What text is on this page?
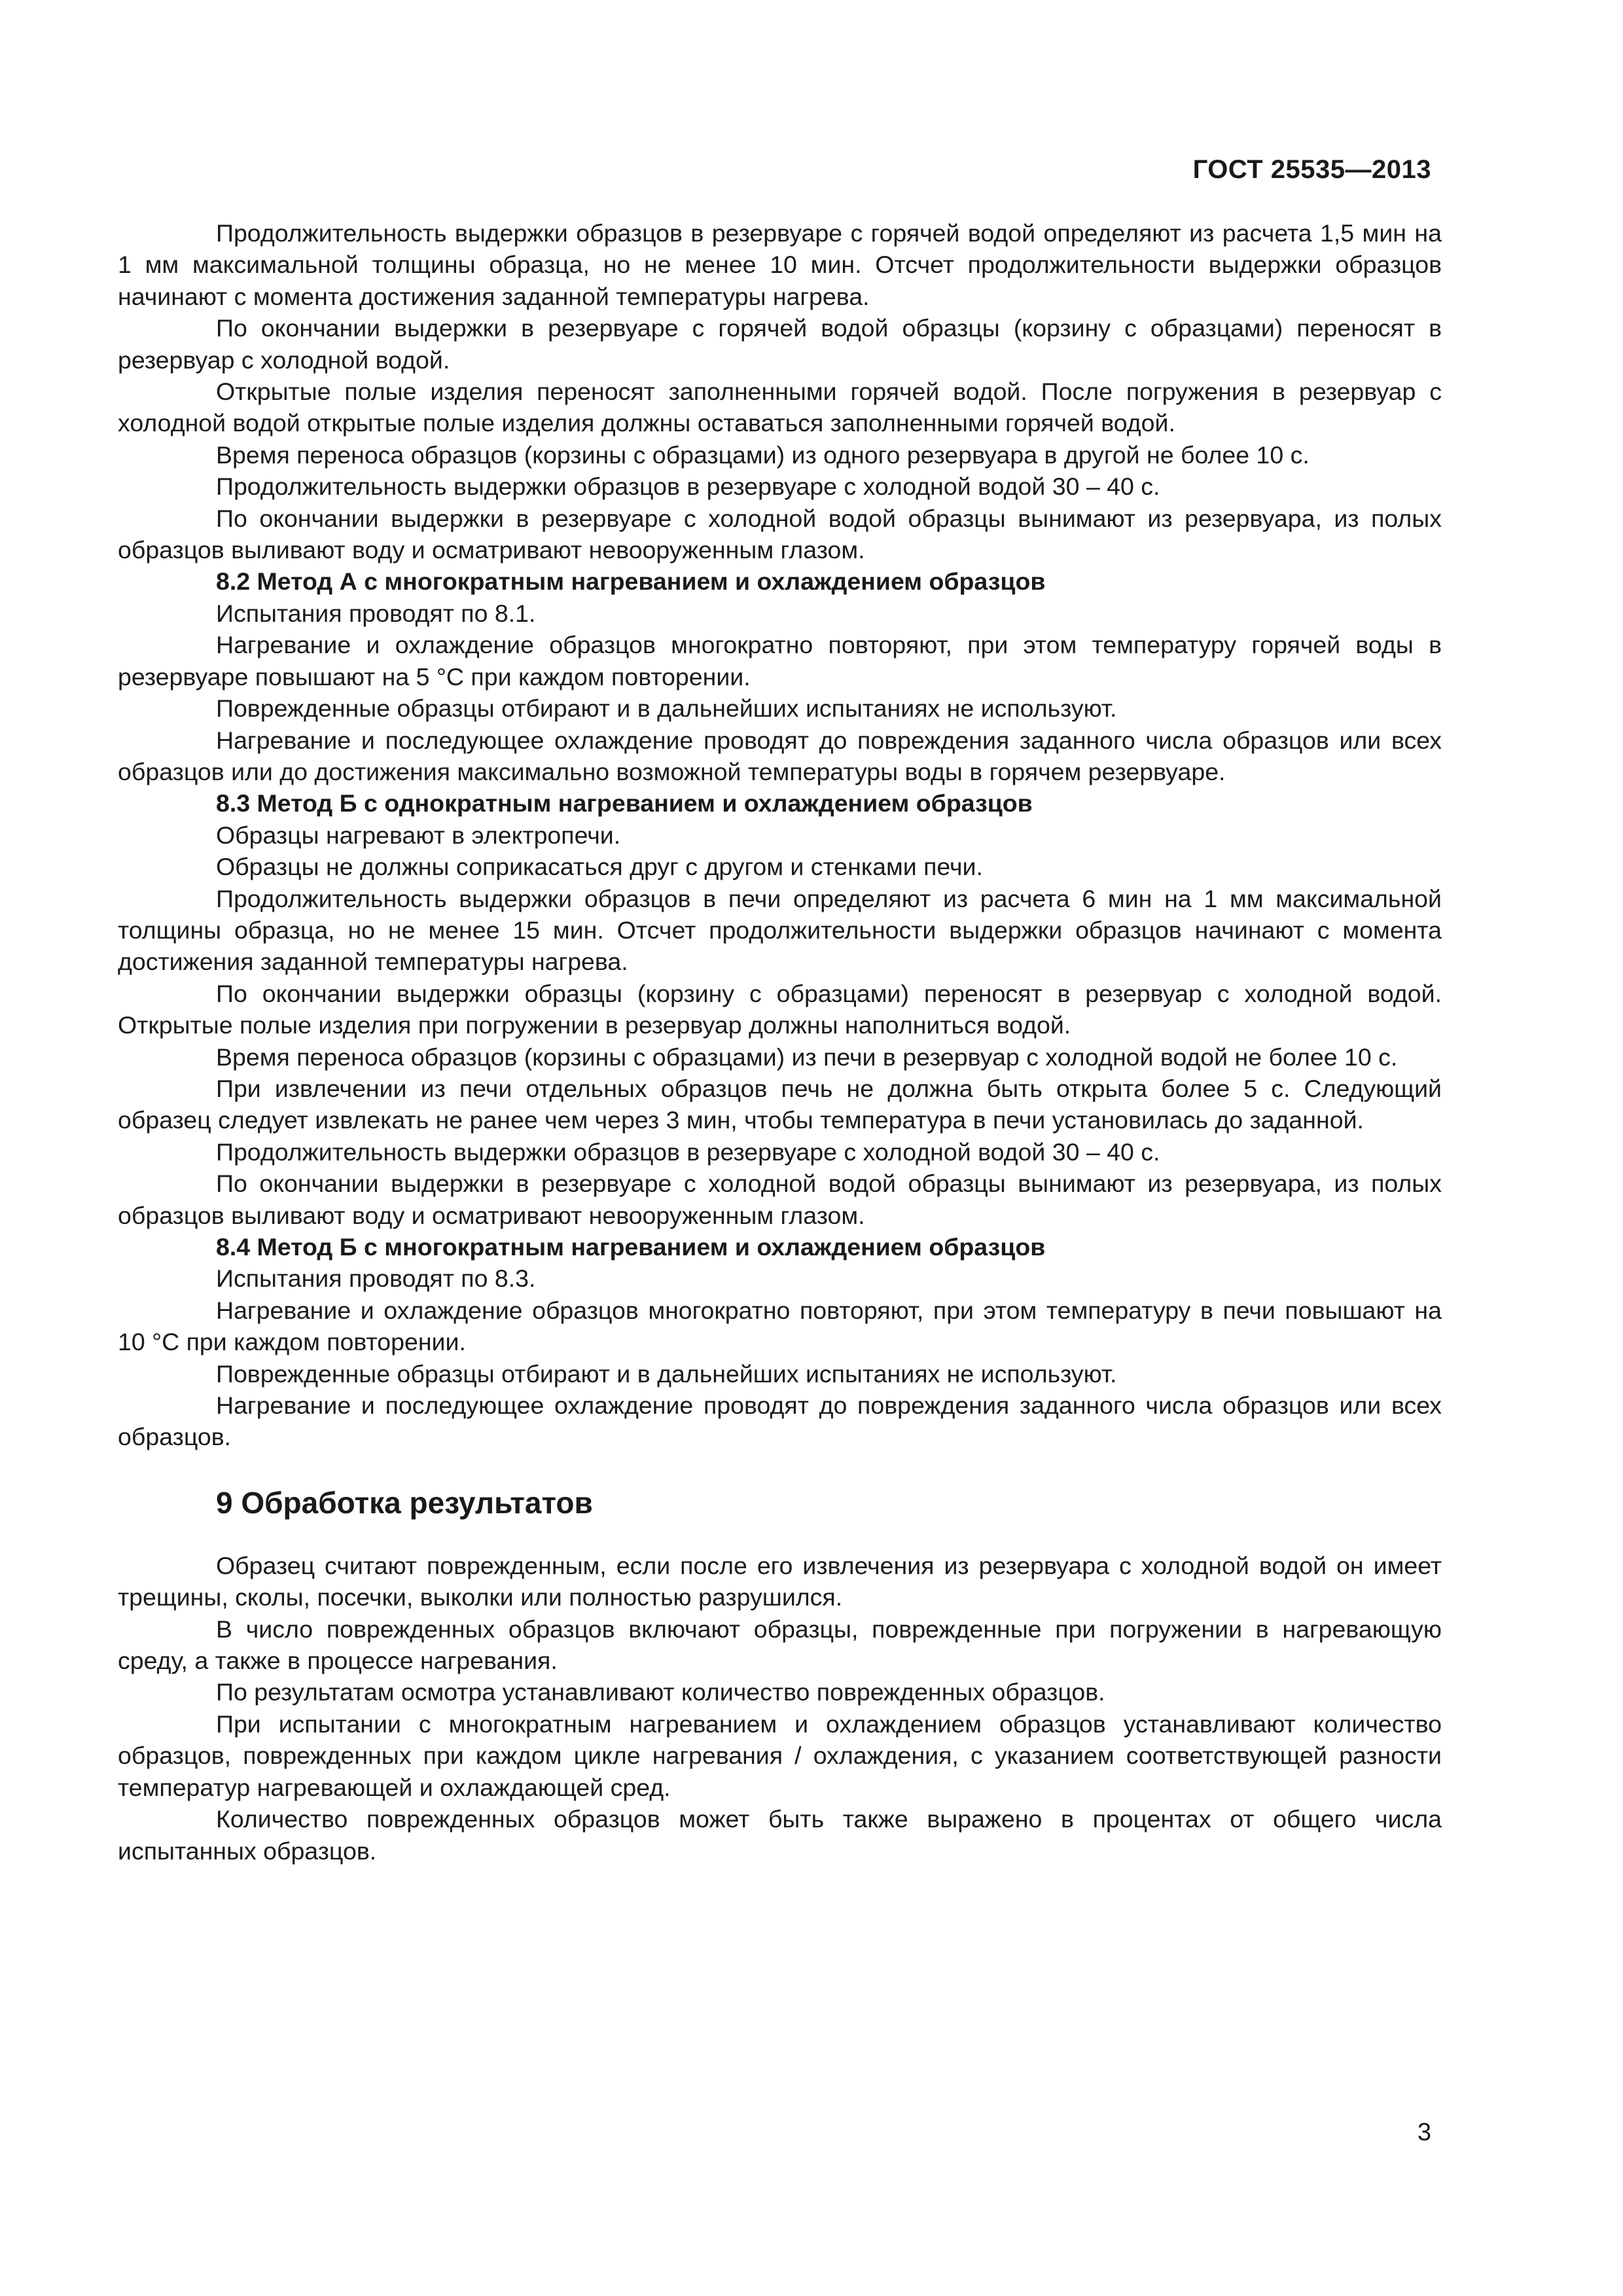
ГОСТ 25535—2013
Продолжительность выдержки образцов в резервуаре с горячей водой определяют из расчета 1,5 мин на 1 мм максимальной толщины образца, но не менее 10 мин. Отсчет продолжительности выдержки образцов начинают с момента достижения заданной температуры нагрева.
По окончании выдержки в резервуаре с горячей водой образцы (корзину с образцами) переносят в резервуар с холодной водой.
Открытые полые изделия переносят заполненными горячей водой. После погружения в резервуар с холодной водой открытые полые изделия должны оставаться заполненными горячей водой.
Время переноса образцов (корзины с образцами) из одного резервуара в другой не более 10 с.
Продолжительность выдержки образцов в резервуаре с холодной водой 30 – 40 с.
По окончании выдержки в резервуаре с холодной водой образцы вынимают из резервуара, из полых образцов выливают воду и осматривают невооруженным глазом.
8.2 Метод А с многократным нагреванием и охлаждением образцов
Испытания проводят по 8.1.
Нагревание и охлаждение образцов многократно повторяют, при этом температуру горячей воды в резервуаре повышают на 5 °С при каждом повторении.
Поврежденные образцы отбирают и в дальнейших испытаниях не используют.
Нагревание и последующее охлаждение проводят до повреждения заданного числа образцов или всех образцов или до достижения максимально возможной температуры воды в горячем резервуаре.
8.3 Метод Б с однократным нагреванием и охлаждением образцов
Образцы нагревают в электропечи.
Образцы не должны соприкасаться друг с другом и стенками печи.
Продолжительность выдержки образцов в печи определяют из расчета 6 мин на 1 мм максимальной толщины образца, но не менее 15 мин. Отсчет продолжительности выдержки образцов начинают с момента достижения заданной температуры нагрева.
По окончании выдержки образцы (корзину с образцами) переносят в резервуар с холодной водой. Открытые полые изделия при погружении в резервуар должны наполниться водой.
Время переноса образцов (корзины с образцами) из печи в резервуар с холодной водой не более 10 с.
При извлечении из печи отдельных образцов печь не должна быть открыта более 5 с. Следующий образец следует извлекать не ранее чем через 3 мин, чтобы температура в печи установилась до заданной.
Продолжительность выдержки образцов в резервуаре с холодной водой 30 – 40 с.
По окончании выдержки в резервуаре с холодной водой образцы вынимают из резервуара, из полых образцов выливают воду и осматривают невооруженным глазом.
8.4 Метод Б с многократным нагреванием и охлаждением образцов
Испытания проводят по 8.3.
Нагревание и охлаждение образцов многократно повторяют, при этом температуру в печи повышают на 10 °С при каждом повторении.
Поврежденные образцы отбирают и в дальнейших испытаниях не используют.
Нагревание и последующее охлаждение проводят до повреждения заданного числа образцов или всех образцов.
9 Обработка результатов
Образец считают поврежденным, если после его извлечения из резервуара с холодной водой он имеет трещины, сколы, посечки, выколки или полностью разрушился.
В число поврежденных образцов включают образцы, поврежденные при погружении в нагревающую среду, а также в процессе нагревания.
По результатам осмотра устанавливают количество поврежденных образцов.
При испытании с многократным нагреванием и охлаждением образцов устанавливают количество образцов, поврежденных при каждом цикле нагревания / охлаждения, с указанием соответствующей разности температур нагревающей и охлаждающей сред.
Количество поврежденных образцов может быть также выражено в процентах от общего числа испытанных образцов.
3
